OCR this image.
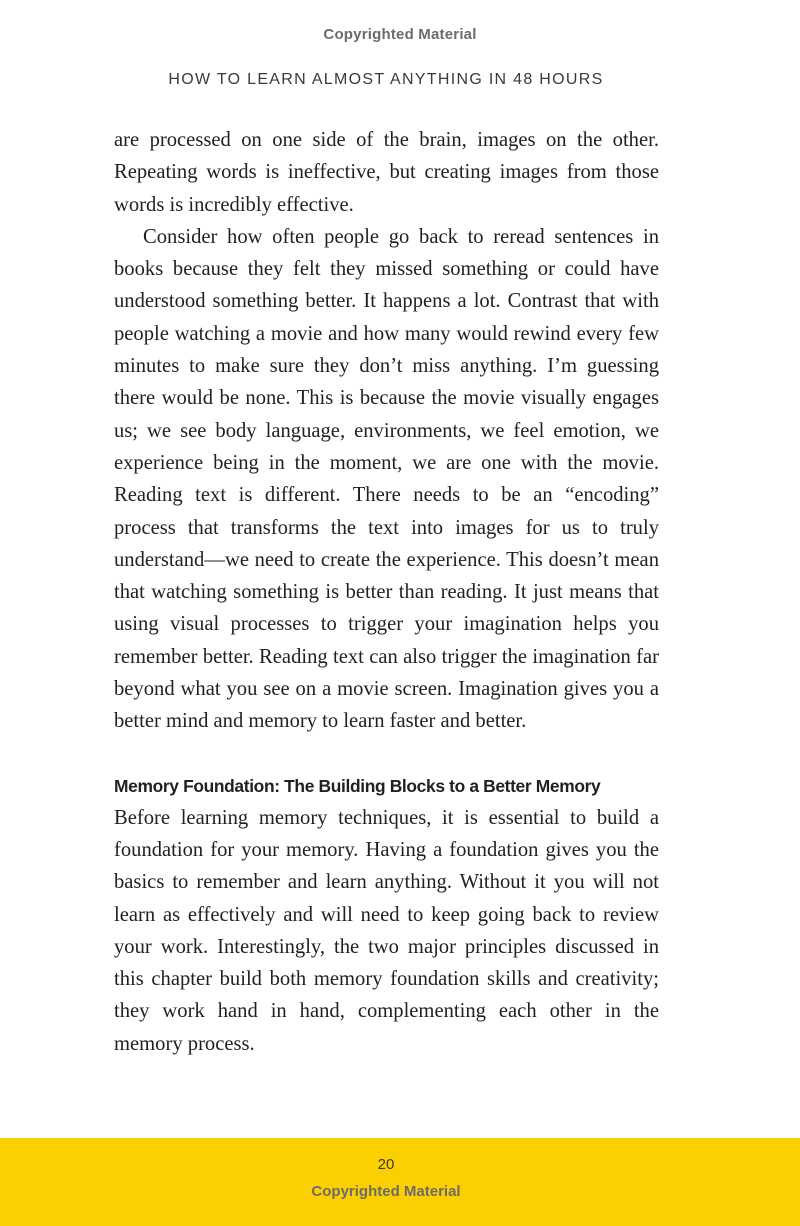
Copyrighted Material
HOW TO LEARN ALMOST ANYTHING IN 48 HOURS

are processed on one side of the brain, images on the other. Repeating words is ineffective, but creating images from those words is incredibly effective.

Consider how often people go back to reread sentences in books because they felt they missed something or could have understood something better. It happens a lot. Contrast that with people watching a movie and how many would rewind every few minutes to make sure they don’t miss anything. I’m guessing there would be none. This is because the movie visually engages us; we see body language, environments, we feel emotion, we experience being in the moment, we are one with the movie. Reading text is different. There needs to be an “encoding” process that transforms the text into images for us to truly understand—we need to create the experience. This doesn’t mean that watching something is better than reading. It just means that using visual processes to trigger your imagination helps you remember better. Reading text can also trigger the imagination far beyond what you see on a movie screen. Imagination gives you a better mind and memory to learn faster and better.

Memory Foundation: The Building Blocks to a Better Memory

Before learning memory techniques, it is essential to build a foundation for your memory. Having a foundation gives you the basics to remember and learn anything. Without it you will not learn as effectively and will need to keep going back to review your work. Interestingly, the two major principles discussed in this chapter build both memory foundation skills and creativity; they work hand in hand, complementing each other in the memory process.

20
Copyrighted Material
